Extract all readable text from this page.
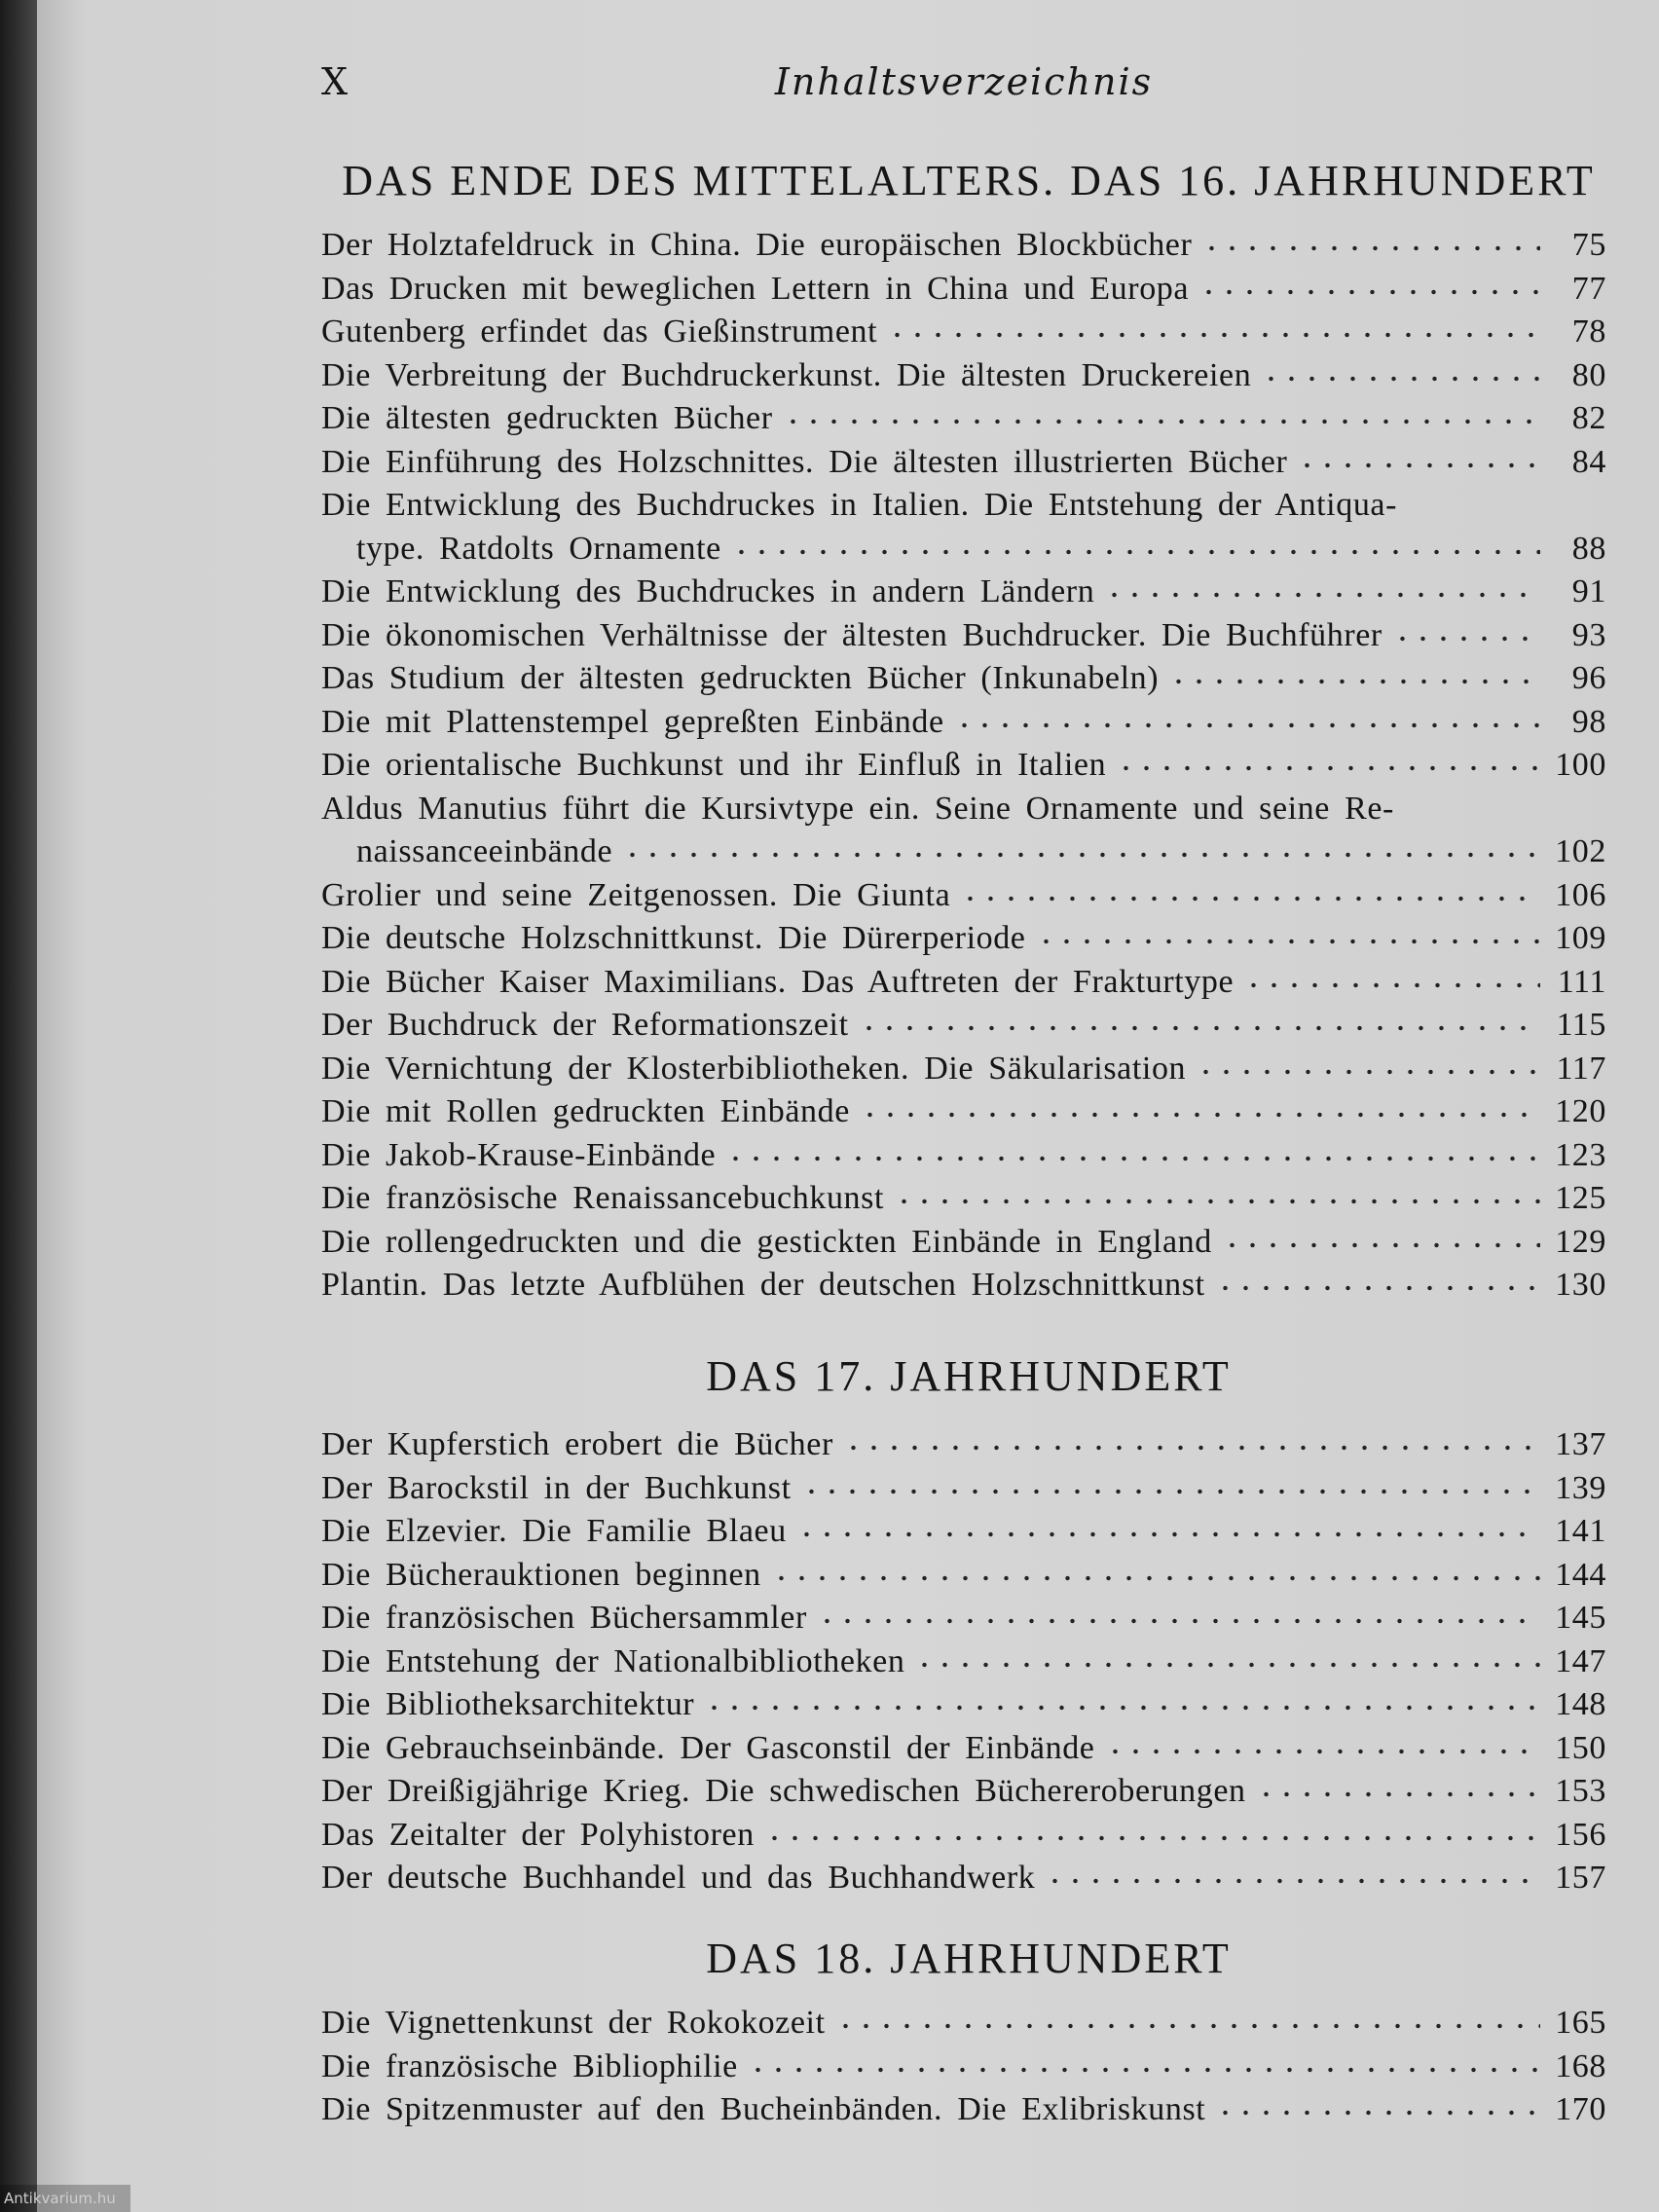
X	Inhaltsverzeichnis
DAS ENDE DES MITTELALTERS. DAS 16. JAHRHUNDERT
Der Holztafeldruck in China. Die europäischen Blockbücher	75
Das Drucken mit beweglichen Lettern in China und Europa	77
Gutenberg erfindet das Gießinstrument	78
Die Verbreitung der Buchdruckerkunst. Die ältesten Druckereien	80
Die ältesten gedruckten Bücher	82
Die Einführung des Holzschnittes. Die ältesten illustrierten Bücher	84
Die Entwicklung des Buchdruckes in Italien. Die Entstehung der Antiqua-
type. Ratdolts Ornamente	88
Die Entwicklung des Buchdruckes in andern Ländern	91
Die ökonomischen Verhältnisse der ältesten Buchdrucker. Die Buchführer	93
Das Studium der ältesten gedruckten Bücher (Inkunabeln)	96
Die mit Plattenstempel gepreßten Einbände	98
Die orientalische Buchkunst und ihr Einfluß in Italien	100
Aldus Manutius führt die Kursivtype ein. Seine Ornamente und seine Re-
naissanceeinbände	102
Grolier und seine Zeitgenossen. Die Giunta	106
Die deutsche Holzschnittkunst. Die Dürerperiode	109
Die Bücher Kaiser Maximilians. Das Auftreten der Frakturtype	111
Der Buchdruck der Reformationszeit	115
Die Vernichtung der Klosterbibliotheken. Die Säkularisation	117
Die mit Rollen gedruckten Einbände	120
Die Jakob-Krause-Einbände	123
Die französische Renaissancebuchkunst	125
Die rollengedruckten und die gestickten Einbände in England	129
Plantin. Das letzte Aufblühen der deutschen Holzschnittkunst	130
DAS 17. JAHRHUNDERT
Der Kupferstich erobert die Bücher	137
Der Barockstil in der Buchkunst	139
Die Elzevier. Die Familie Blaeu	141
Die Bücherauktionen beginnen	144
Die französischen Büchersammler	145
Die Entstehung der Nationalbibliotheken	147
Die Bibliotheksarchitektur	148
Die Gebrauchseinbände. Der Gasconstil der Einbände	150
Der Dreißigjährige Krieg. Die schwedischen Büchereroberungen	153
Das Zeitalter der Polyhistoren	156
Der deutsche Buchhandel und das Buchhandwerk	157
DAS 18. JAHRHUNDERT
Die Vignettenkunst der Rokokozeit	165
Die französische Bibliophilie	168
Die Spitzenmuster auf den Bucheinbänden. Die Exlibriskunst	170
Antikvarium.hu
